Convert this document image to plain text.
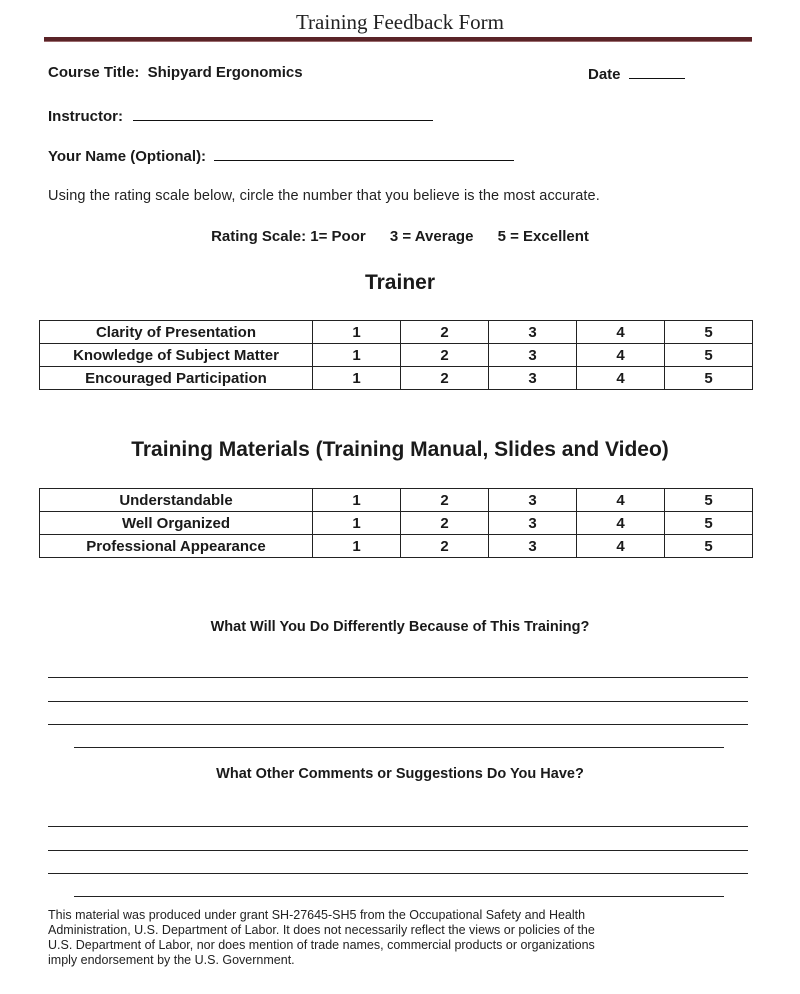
Training Feedback Form
Course Title: Shipyard Ergonomics	Date
Instructor:
Your Name (Optional):
Using the rating scale below, circle the number that you believe is the most accurate.
Rating Scale: 1= Poor 3 = Average 5 = Excellent
Trainer
Clarity of Presentation	1	2	3	4	5
Knowledge of Subject Matter	1	2	3	4	5
Encouraged Participation	1	2	3	4	5
Training Materials (Training Manual, Slides and Video)
Understandable	1	2	3	4	5
Well Organized	1	2	3	4	5
Professional Appearance	1	2	3	4	5
What Will You Do Differently Because of This Training?
What Other Comments or Suggestions Do You Have?
This material was produced under grant SH-27645-SH5 from the Occupational Safety and Health
Administration, U.S. Department of Labor. It does not necessarily reflect the views or policies of the
U.S. Department of Labor, nor does mention of trade names, commercial products or organizations
imply endorsement by the U.S. Government.
